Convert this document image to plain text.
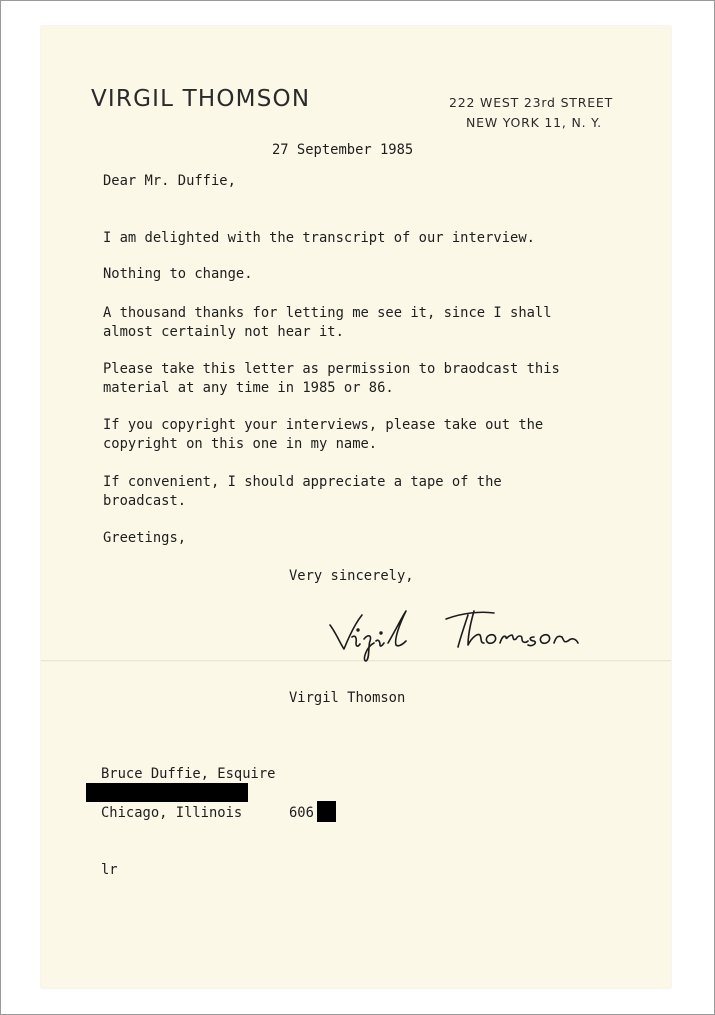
VIRGIL THOMSON	222 WEST 23rd STREET
NEW YORK 11, N. Y.
27 September 1985
Dear Mr. Duffie,
I am delighted with the transcript of our interview.
Nothing to change.
A thousand thanks for letting me see it, since I shall
almost certainly not hear it.
Please take this letter as permission to braodcast this
material at any time in 1985 or 86.
If you copyright your interviews, please take out the
copyright on this one in my name.
If convenient, I should appreciate a tape of the
broadcast.
Greetings,
Very sincerely,
Virgil Thomson
Bruce Duffie, Esquire
Chicago, Illinois	606
lr
